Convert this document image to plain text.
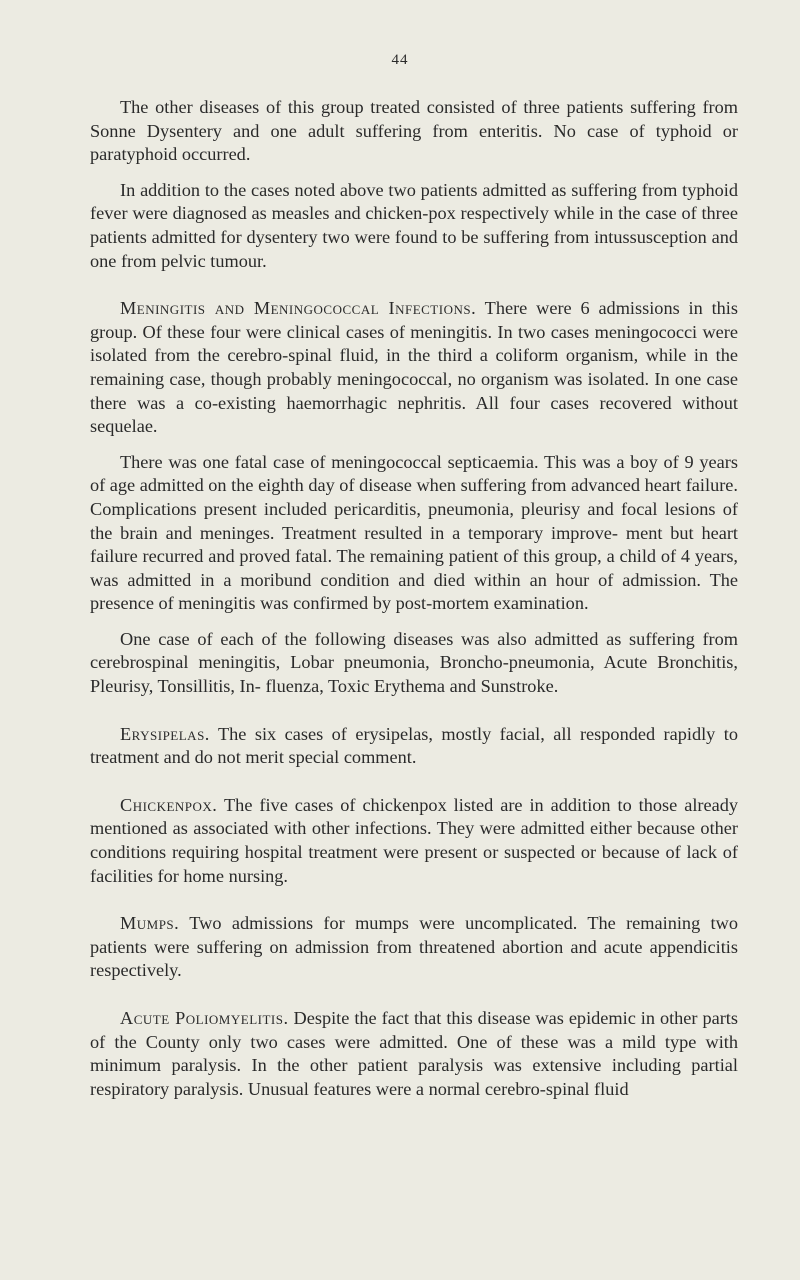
44

The other diseases of this group treated consisted of three patients suffering from Sonne Dysentery and one adult suffering from enteritis. No case of typhoid or paratyphoid occurred.

In addition to the cases noted above two patients admitted as suffering from typhoid fever were diagnosed as measles and chicken-pox respectively while in the case of three patients admitted for dysentery two were found to be suffering from intussusception and one from pelvic tumour.

Meningitis and Meningococcal Infections. There were 6 admissions in this group. Of these four were clinical cases of meningitis. In two cases meningococci were isolated from the cerebro-spinal fluid, in the third a coliform organism, while in the remaining case, though probably meningococcal, no organism was isolated. In one case there was a co-existing haemorrhagic nephritis. All four cases recovered without sequelae.

There was one fatal case of meningococcal septicaemia. This was a boy of 9 years of age admitted on the eighth day of disease when suffering from advanced heart failure. Complications present included pericarditis, pneumonia, pleurisy and focal lesions of the brain and meninges. Treatment resulted in a temporary improve- ment but heart failure recurred and proved fatal. The remaining patient of this group, a child of 4 years, was admitted in a moribund condition and died within an hour of admission. The presence of meningitis was confirmed by post-mortem examination.

One case of each of the following diseases was also admitted as suffering from cerebrospinal meningitis, Lobar pneumonia, Broncho-pneumonia, Acute Bronchitis, Pleurisy, Tonsillitis, In- fluenza, Toxic Erythema and Sunstroke.

Erysipelas. The six cases of erysipelas, mostly facial, all responded rapidly to treatment and do not merit special comment.

Chickenpox. The five cases of chickenpox listed are in addition to those already mentioned as associated with other infections. They were admitted either because other conditions requiring hospital treatment were present or suspected or because of lack of facilities for home nursing.

Mumps. Two admissions for mumps were uncomplicated. The remaining two patients were suffering on admission from threatened abortion and acute appendicitis respectively.

Acute Poliomyelitis. Despite the fact that this disease was epidemic in other parts of the County only two cases were admitted. One of these was a mild type with minimum paralysis. In the other patient paralysis was extensive including partial respiratory paralysis. Unusual features were a normal cerebro-spinal fluid
